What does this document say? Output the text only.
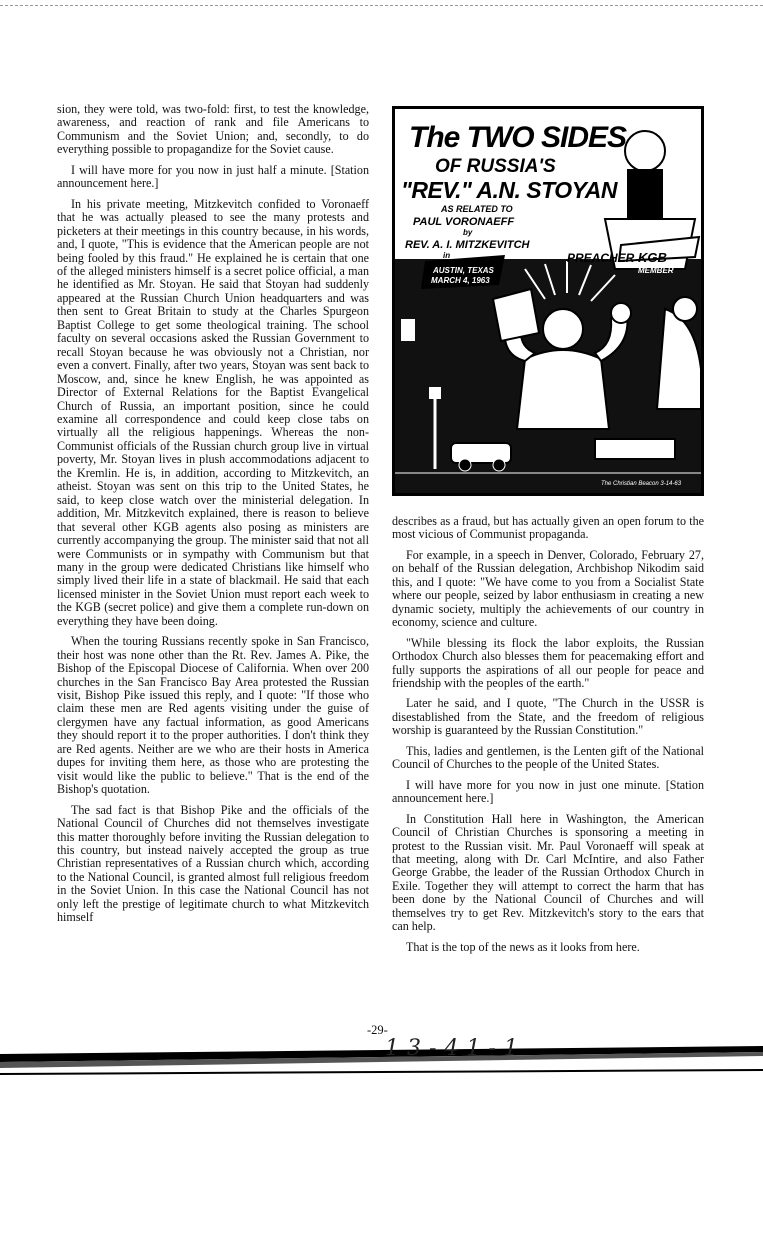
sion, they were told, was two-fold: first, to test the knowledge, awareness, and reaction of rank and file Americans to Communism and the Soviet Union; and, secondly, to do everything possible to propagandize for the Soviet cause.

I will have more for you now in just half a minute. [Station announcement here.]

In his private meeting, Mitzkevitch confided to Voronaeff that he was actually pleased to see the many protests and picketers at their meetings in this country because, in his words, and, I quote, "This is evidence that the American people are not being fooled by this fraud." He explained he is certain that one of the alleged ministers himself is a secret police official, a man he identified as Mr. Stoyan. He said that Stoyan had suddenly appeared at the Russian Church Union headquarters and was then sent to Great Britain to study at the Charles Spurgeon Baptist College to get some theological training. The school faculty on several occasions asked the Russian Government to recall Stoyan because he was obviously not a Christian, nor even a convert. Finally, after two years, Stoyan was sent back to Moscow, and, since he knew English, he was appointed as Director of External Relations for the Baptist Evangelical Church of Russia, an important position, since he could examine all correspondence and could keep close tabs on virtually all the religious happenings. Whereas the non-Communist officials of the Russian church group live in virtual poverty, Mr. Stoyan lives in plush accommodations adjacent to the Kremlin. He is, in addition, according to Mitzkevitch, an atheist. Stoyan was sent on this trip to the United States, he said, to keep close watch over the ministerial delegation. In addition, Mr. Mitzkevitch explained, there is reason to believe that several other KGB agents also posing as ministers are currently accompanying the group. The minister said that not all were Communists or in sympathy with Communism but that many in the group were dedicated Christians like himself who simply lived their life in a state of blackmail. He said that each licensed minister in the Soviet Union must report each week to the KGB (secret police) and give them a complete run-down on everything they have been doing.

When the touring Russians recently spoke in San Francisco, their host was none other than the Rt. Rev. James A. Pike, the Bishop of the Episcopal Diocese of California. When over 200 churches in the San Francisco Bay Area protested the Russian visit, Bishop Pike issued this reply, and I quote: "If those who claim these men are Red agents visiting under the guise of clergymen have any factual information, as good Americans they should report it to the proper authorities. I don't think they are Red agents. Neither are we who are their hosts in America dupes for inviting them here, as those who are protesting the visit would like the public to believe." That is the end of the Bishop's quotation.

The sad fact is that Bishop Pike and the officials of the National Council of Churches did not themselves investigate this matter thoroughly before inviting the Russian delegation to this country, but instead naively accepted the group as true Christian representatives of a Russian church which, according to the National Council, is granted almost full religious freedom in the Soviet Union. In this case the National Council has not only left the prestige of legitimate church to what Mitzkevitch himself

The TWO SIDES
OF RUSSIA'S
"REV." A.N. STOYAN
AS RELATED TO
PAUL VORONAEFF
by
REV. A. I. MITZKEVITCH
in
AUSTIN, TEXAS
MARCH 4, 1963
PREACHER KGB
MEMBER
The Christian Beacon 3-14-63

describes as a fraud, but has actually given an open forum to the most vicious of Communist propaganda.

For example, in a speech in Denver, Colorado, February 27, on behalf of the Russian delegation, Archbishop Nikodim said this, and I quote: "We have come to you from a Socialist State where our people, seized by labor enthusiasm in creating a new dynamic society, multiply the achievements of our country in economy, science and culture.

"While blessing its flock the labor exploits, the Russian Orthodox Church also blesses them for peacemaking effort and fully supports the aspirations of all our people for peace and friendship with the peoples of the earth."

Later he said, and I quote, "The Church in the USSR is disestablished from the State, and the freedom of religious worship is guaranteed by the Russian Constitution."

This, ladies and gentlemen, is the Lenten gift of the National Council of Churches to the people of the United States.

I will have more for you now in just one minute. [Station announcement here.]

In Constitution Hall here in Washington, the American Council of Christian Churches is sponsoring a meeting in protest to the Russian visit. Mr. Paul Voronaeff will speak at that meeting, along with Dr. Carl McIntire, and also Father George Grabbe, the leader of the Russian Orthodox Church in Exile. Together they will attempt to correct the harm that has been done by the National Council of Churches and will themselves try to get Rev. Mitzkevitch's story to the ears that can help.

That is the top of the news as it looks from here.

-29-
13-41-1
